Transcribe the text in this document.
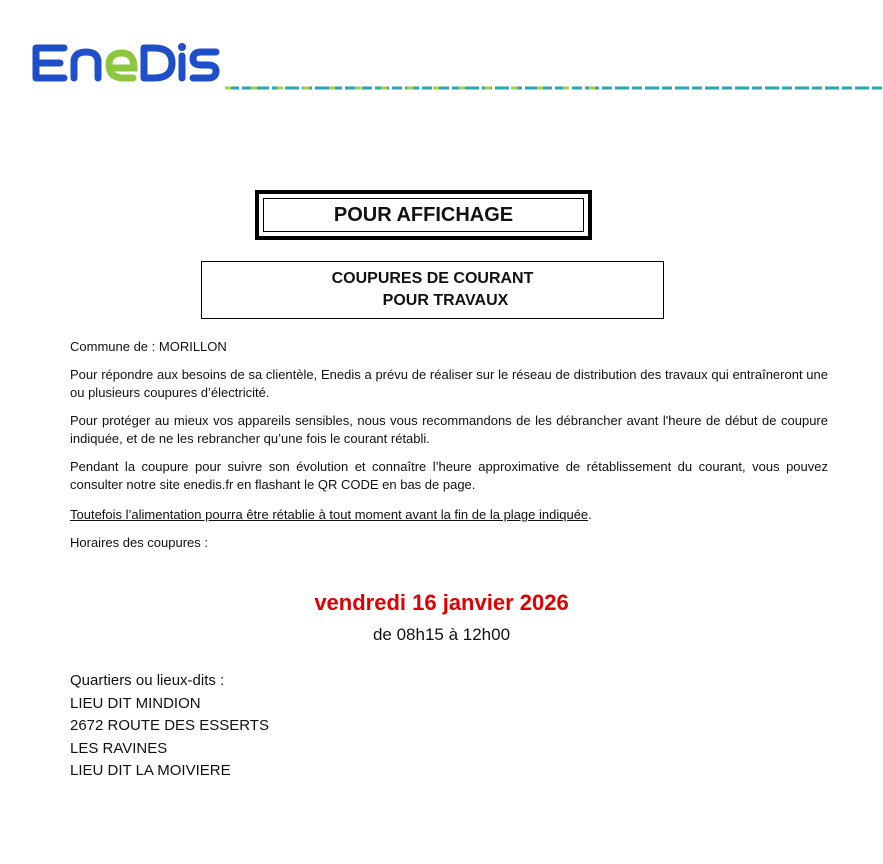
POUR AFFICHAGE
COUPURES DE COURANT
POUR TRAVAUX
Commune de : MORILLON
Pour répondre aux besoins de sa clientèle, Enedis a prévu de réaliser sur le réseau de distribution des travaux qui entraîneront une ou plusieurs coupures d’électricité.
Pour protéger au mieux vos appareils sensibles, nous vous recommandons de les débrancher avant l'heure de début de coupure indiquée, et de ne les rebrancher qu’une fois le courant rétabli.
Pendant la coupure pour suivre son évolution et connaître l’heure approximative de rétablissement du courant, vous pouvez consulter notre site enedis.fr en flashant le QR CODE en bas de page.
Toutefois l’alimentation pourra être rétablie à tout moment avant la fin de la plage indiquée.
Horaires des coupures :
vendredi 16 janvier 2026
de 08h15 à 12h00
Quartiers ou lieux-dits :
LIEU DIT MINDION
2672 ROUTE DES ESSERTS
LES RAVINES
LIEU DIT LA MOIVIERE
